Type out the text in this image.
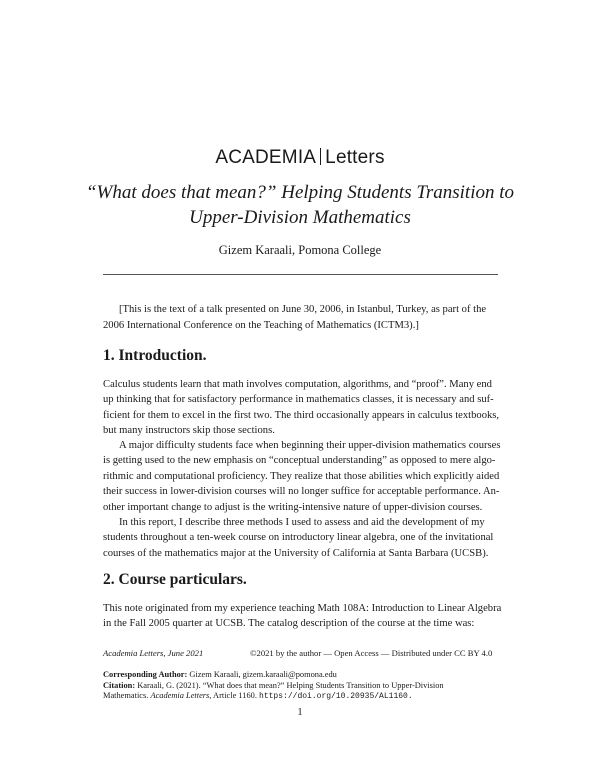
ACADEMIA Letters
“What does that mean?” Helping Students Transition to
Upper-Division Mathematics
Gizem Karaali, Pomona College
[This is the text of a talk presented on June 30, 2006, in Istanbul, Turkey, as part of the
2006 International Conference on the Teaching of Mathematics (ICTM3).]
1. Introduction.
Calculus students learn that math involves computation, algorithms, and “proof”. Many end
up thinking that for satisfactory performance in mathematics classes, it is necessary and suf-
ficient for them to excel in the first two. The third occasionally appears in calculus textbooks,
but many instructors skip those sections.
A major difficulty students face when beginning their upper-division mathematics courses
is getting used to the new emphasis on “conceptual understanding” as opposed to mere algo-
rithmic and computational proficiency. They realize that those abilities which explicitly aided
their success in lower-division courses will no longer suffice for acceptable performance. An-
other important change to adjust is the writing-intensive nature of upper-division courses.
In this report, I describe three methods I used to assess and aid the development of my
students throughout a ten-week course on introductory linear algebra, one of the invitational
courses of the mathematics major at the University of California at Santa Barbara (UCSB).
2. Course particulars.
This note originated from my experience teaching Math 108A: Introduction to Linear Algebra
in the Fall 2005 quarter at UCSB. The catalog description of the course at the time was:
Academia Letters, June 2021	©2021 by the author — Open Access — Distributed under CC BY 4.0
Corresponding Author: Gizem Karaali, gizem.karaali@pomona.edu
Citation: Karaali, G. (2021). “What does that mean?” Helping Students Transition to Upper-Division
Mathematics. Academia Letters, Article 1160. https://doi.org/10.20935/AL1160.
1
